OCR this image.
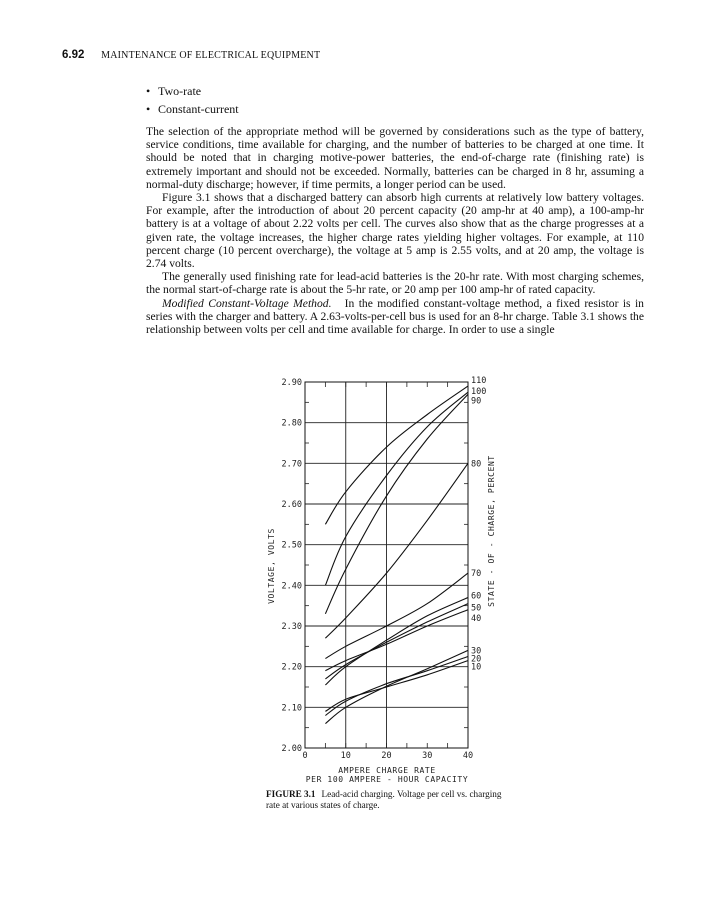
6.92 MAINTENANCE OF ELECTRICAL EQUIPMENT
• Two-rate
• Constant-current

The selection of the appropriate method will be governed by considerations such as the type of battery, service conditions, time available for charging, and the number of batteries to be charged at one time. It should be noted that in charging motive-power batteries, the end-of-charge rate (finishing rate) is extremely important and should not be exceeded. Normally, batteries can be charged in 8 hr, assuming a normal-duty discharge; however, if time permits, a longer period can be used.

Figure 3.1 shows that a discharged battery can absorb high currents at relatively low battery voltages. For example, after the introduction of about 20 percent capacity (20 amp-hr at 40 amp), a 100-amp-hr battery is at a voltage of about 2.22 volts per cell. The curves also show that as the charge progresses at a given rate, the voltage increases, the higher charge rates yielding higher voltages. For example, at 110 percent charge (10 percent overcharge), the voltage at 5 amp is 2.55 volts, and at 20 amp, the voltage is 2.74 volts.

The generally used finishing rate for lead-acid batteries is the 20-hr rate. With most charging schemes, the normal start-of-charge rate is about the 5-hr rate, or 20 amp per 100 amp-hr of rated capacity.

Modified Constant-Voltage Method. In the modified constant-voltage method, a fixed resistor is in series with the charger and battery. A 2.63-volts-per-cell bus is used for an 8-hr charge. Table 3.1 shows the relationship between volts per cell and time available for charge. In order to use a single

2.00
2.10
2.20
2.30
2.40
2.50
2.60
2.70
2.80
2.90
0	10	20	30	40
10
20
30
40
50
60
70
80
90
100
110
VOLTAGE, VOLTS	STATE - OF - CHARGE, PERCENT
AMPERE CHARGE RATE
PER 100 AMPERE - HOUR CAPACITY
FIGURE 3.1 Lead-acid charging. Voltage per cell vs. charging rate at various states of charge.
